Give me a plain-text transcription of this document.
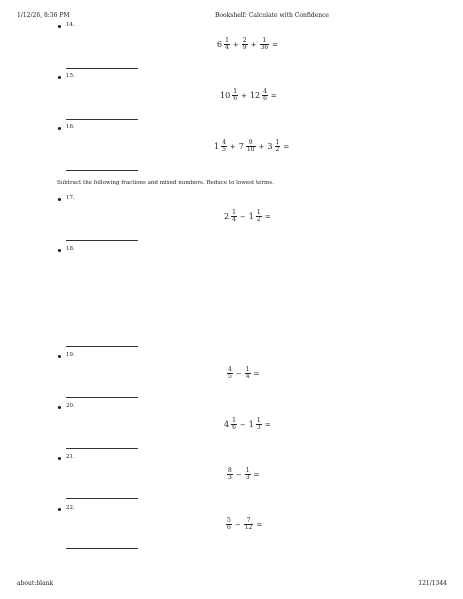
1/12/26, 8:36 PM	Bookshelf: Calculate with Confidence
14.
$6 \frac{1}{4} + \frac{2}{9} + \frac{1}{36}$ =
15.
$10 \frac{1}{6} + 12 \frac{4}{6}$ =
16.
$1 \frac{4}{5} + 7 \frac{9}{10} + 3 \frac{1}{2}$ =
Subtract the following fractions and mixed numbers. Reduce to lowest terms.
17.
$2 \frac{1}{4} - 1 \frac{1}{2}$ =
18.
19.
$\frac{4}{5} - \frac{1}{4}$ =
20.
$4 \frac{1}{6} - 1 \frac{1}{3}$ =
21.
$\frac{8}{3} - \frac{1}{3}$ =
22.
$\frac{5}{6} - \frac{7}{12}$ =
about:blank	121/1344
